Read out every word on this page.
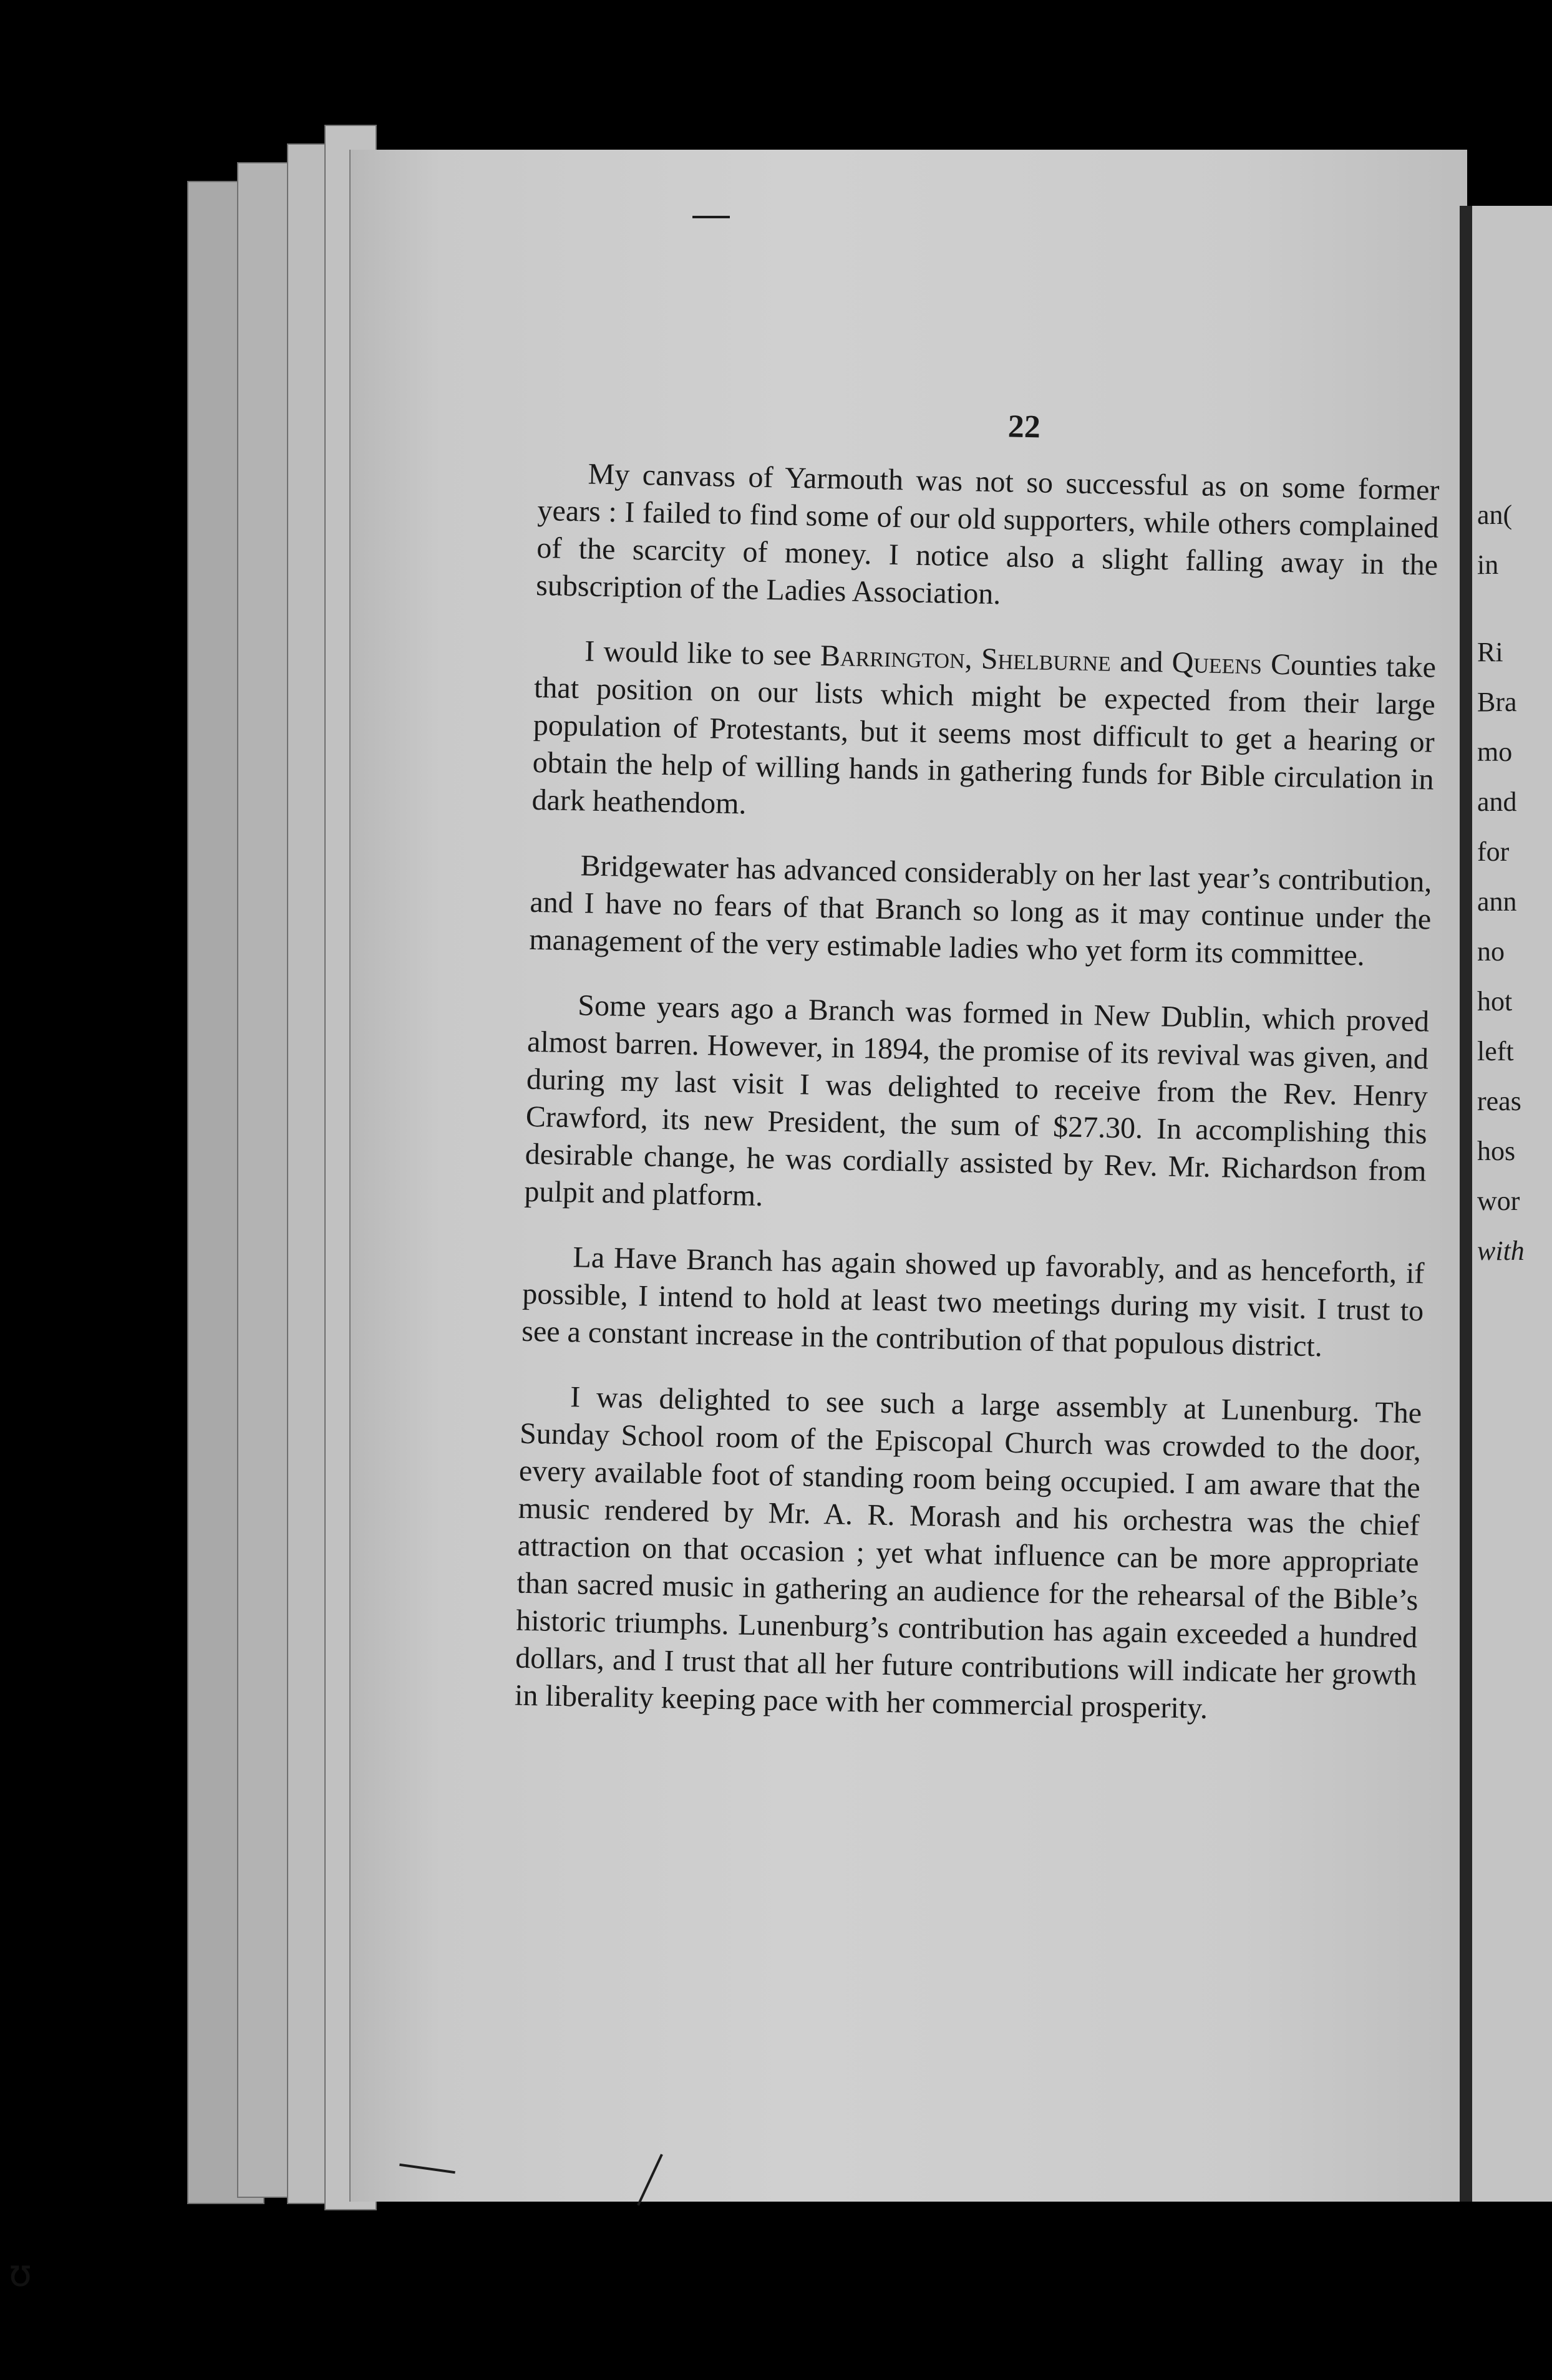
an(
in
Ri
Bra
mo
and
for
ann
no
hot
left
reas
hos
wor
with
22

My canvass of Yarmouth was not so successful as on some former years : I failed to find some of our old supporters, while others complained of the scarcity of money. I notice also a slight falling away in the subscription of the Ladies Association.

I would like to see Barrington, Shelburne and Queens Counties take that position on our lists which might be expected from their large population of Protestants, but it seems most difficult to get a hearing or obtain the help of willing hands in gathering funds for Bible circulation in dark heathendom.

Bridgewater has advanced considerably on her last year’s contribution, and I have no fears of that Branch so long as it may continue under the management of the very estimable ladies who yet form its committee.

Some years ago a Branch was formed in New Dublin, which proved almost barren. However, in 1894, the promise of its revival was given, and during my last visit I was delighted to receive from the Rev. Henry Crawford, its new President, the sum of $27.30. In accomplishing this desirable change, he was cordially assisted by Rev. Mr. Richardson from pulpit and platform.

La Have Branch has again showed up favorably, and as henceforth, if possible, I intend to hold at least two meetings during my visit. I trust to see a constant increase in the contribution of that populous district.

I was delighted to see such a large assembly at Lunenburg. The Sunday School room of the Episcopal Church was crowded to the door, every available foot of standing room being occupied. I am aware that the music rendered by Mr. A. R. Morash and his orchestra was the chief attraction on that occasion ; yet what influence can be more appropriate than sacred music in gathering an audience for the rehearsal of the Bible’s historic triumphs. Lunenburg’s contribution has again exceeded a hundred dollars, and I trust that all her future contributions will indicate her growth in liberality keeping pace with her commercial prosperity.

ʊ
